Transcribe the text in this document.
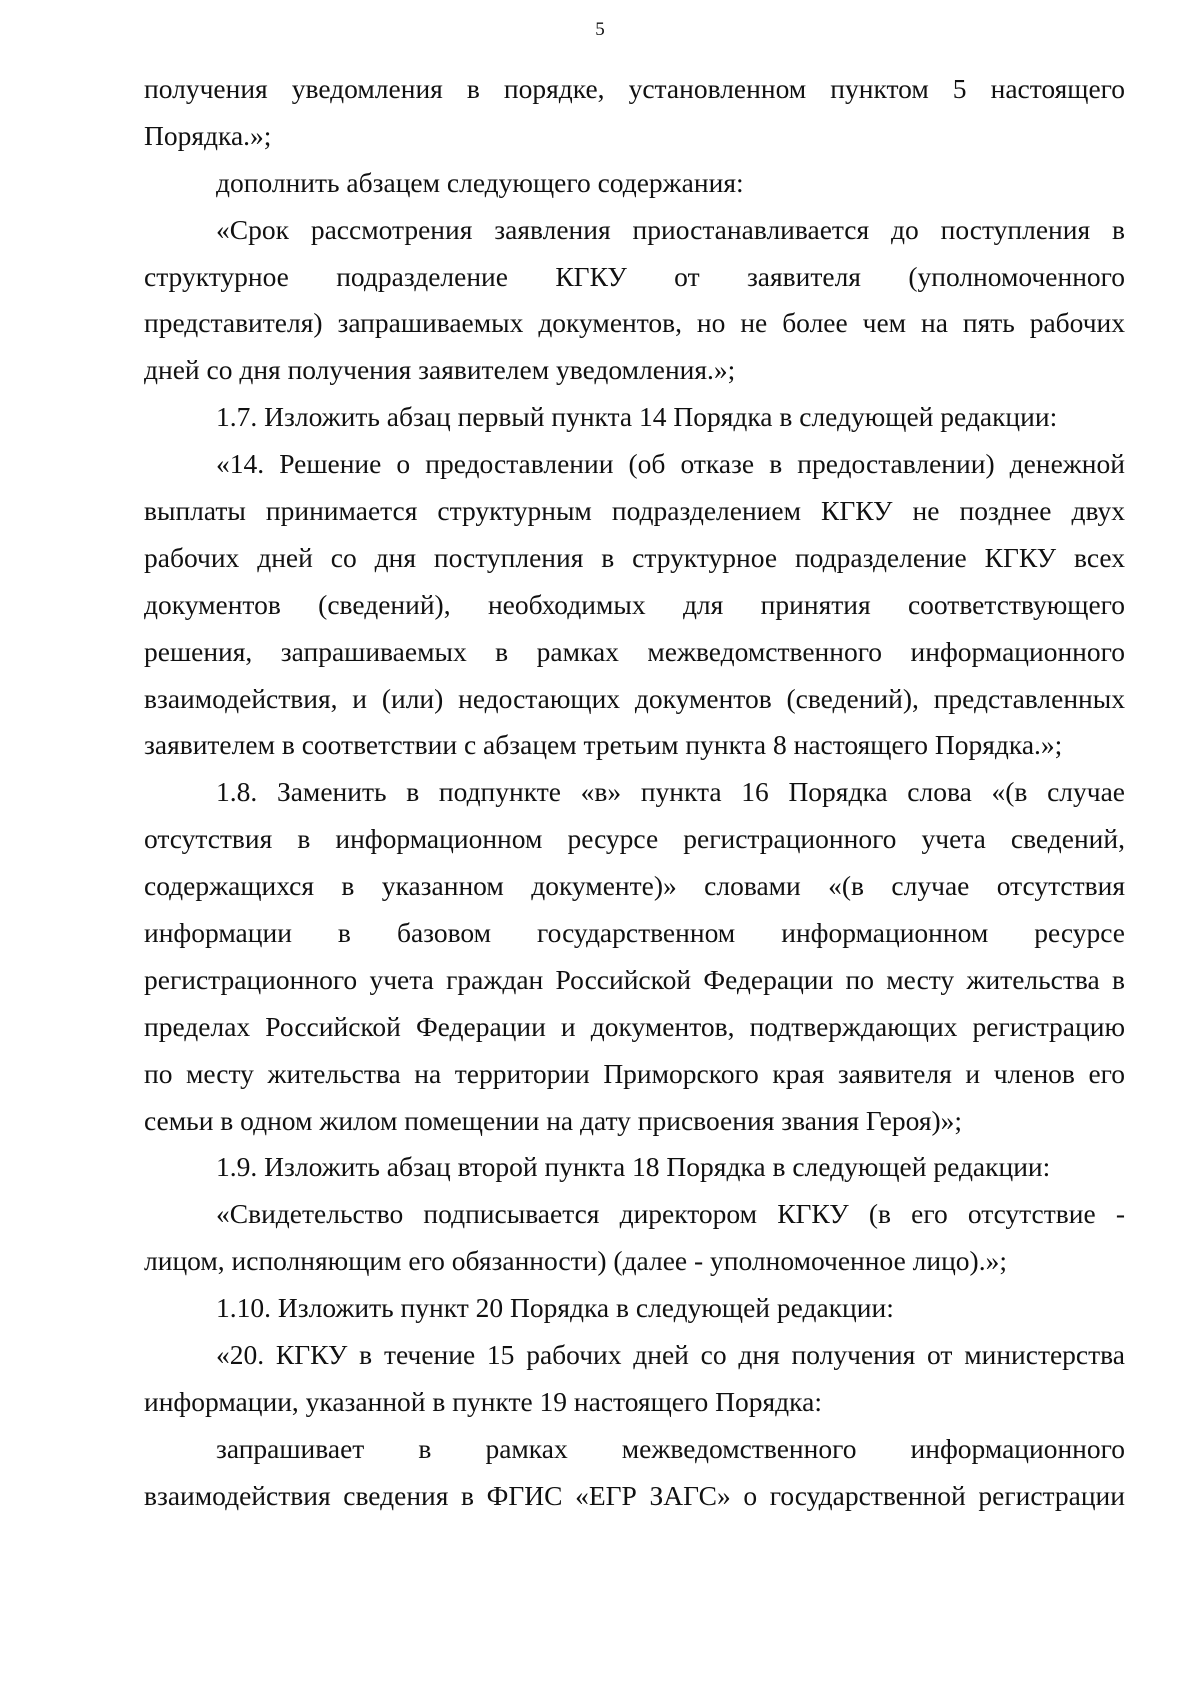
5
получения уведомления в порядке, установленном пунктом 5 настоящего
Порядка.»;
дополнить абзацем следующего содержания:
«Срок рассмотрения заявления приостанавливается до поступления в
структурное подразделение КГКУ от заявителя (уполномоченного
представителя) запрашиваемых документов, но не более чем на пять рабочих
дней со дня получения заявителем уведомления.»;
1.7. Изложить абзац первый пункта 14 Порядка в следующей редакции:
«14. Решение о предоставлении (об отказе в предоставлении) денежной
выплаты принимается структурным подразделением КГКУ не позднее двух
рабочих дней со дня поступления в структурное подразделение КГКУ всех
документов (сведений), необходимых для принятия соответствующего
решения, запрашиваемых в рамках межведомственного информационного
взаимодействия, и (или) недостающих документов (сведений), представленных
заявителем в соответствии с абзацем третьим пункта 8 настоящего Порядка.»;
1.8. Заменить в подпункте «в» пункта 16 Порядка слова «(в случае
отсутствия в информационном ресурсе регистрационного учета сведений,
содержащихся в указанном документе)» словами «(в случае отсутствия
информации в базовом государственном информационном ресурсе
регистрационного учета граждан Российской Федерации по месту жительства в
пределах Российской Федерации и документов, подтверждающих регистрацию
по месту жительства на территории Приморского края заявителя и членов его
семьи в одном жилом помещении на дату присвоения звания Героя)»;
1.9. Изложить абзац второй пункта 18 Порядка в следующей редакции:
«Свидетельство подписывается директором КГКУ (в его отсутствие -
лицом, исполняющим его обязанности) (далее - уполномоченное лицо).»;
1.10. Изложить пункт 20 Порядка в следующей редакции:
«20. КГКУ в течение 15 рабочих дней со дня получения от министерства
информации, указанной в пункте 19 настоящего Порядка:
запрашивает в рамках межведомственного информационного
взаимодействия сведения в ФГИС «ЕГР ЗАГС» о государственной регистрации
